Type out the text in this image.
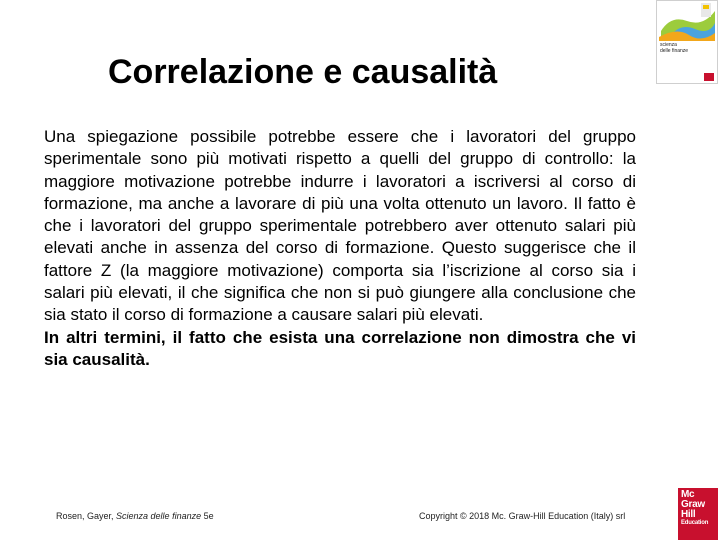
Correlazione e causalità

Una spiegazione possibile potrebbe essere che i lavoratori del gruppo sperimentale sono più motivati rispetto a quelli del gruppo di controllo: la maggiore motivazione potrebbe indurre i lavoratori a iscriversi al corso di formazione, ma anche a lavorare di più una volta ottenuto un lavoro. Il fatto è che i lavoratori del gruppo sperimentale potrebbero aver ottenuto salari più elevati anche in assenza del corso di formazione. Questo suggerisce che il fattore Z (la maggiore motivazione) comporta sia l’iscrizione al corso sia i salari più elevati, il che significa che non si può giungere alla conclusione che sia stato il corso di formazione a causare salari più elevati.

In altri termini, il fatto che esista una correlazione non dimostra che vi sia causalità.

scienza
delle finanze
Mc
Graw
Hill
Education
Rosen, Gayer, Scienza delle finanze 5e	Copyright © 2018 Mc. Graw-Hill Education (Italy) srl
